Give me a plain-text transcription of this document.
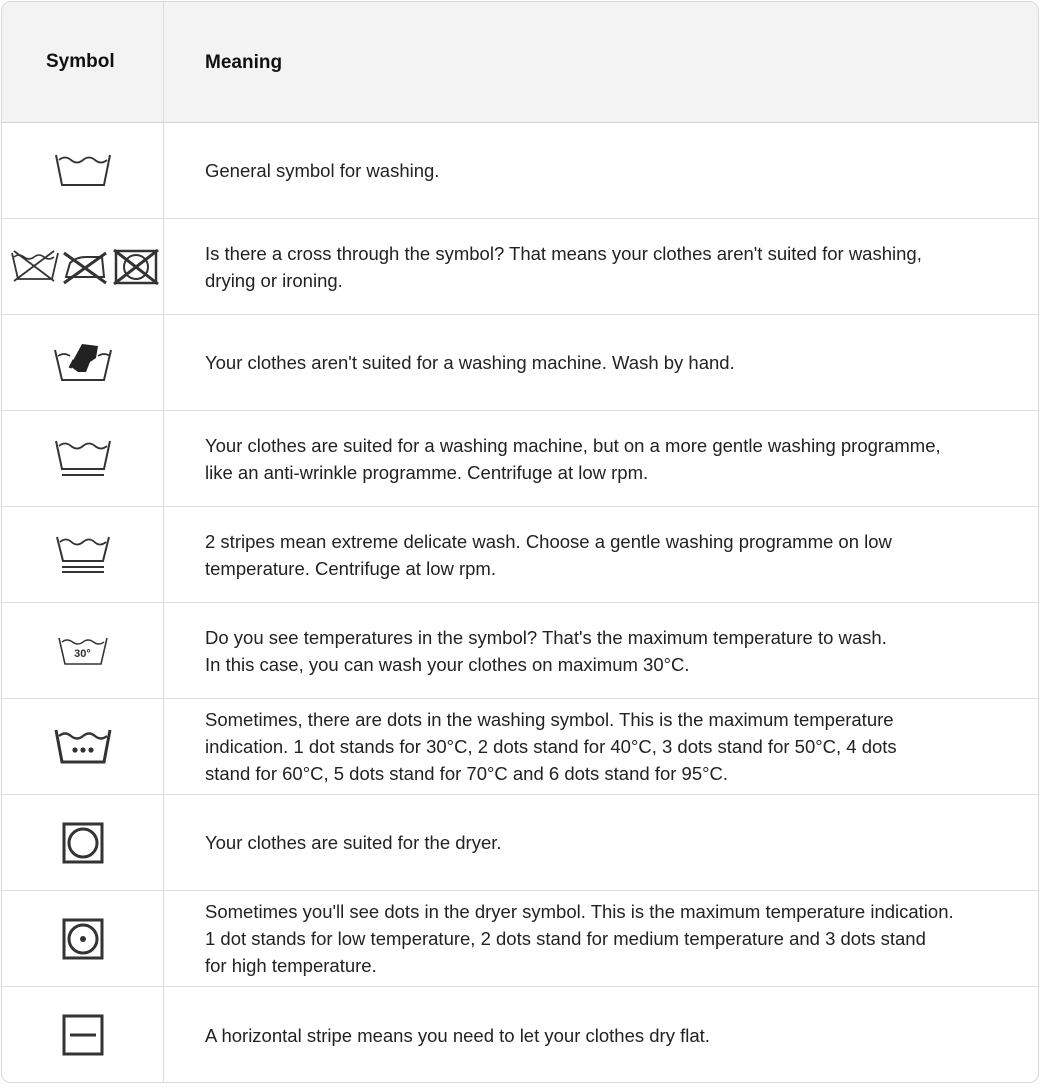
Symbol	Meaning
General symbol for washing.
Is there a cross through the symbol? That means your clothes aren't suited for washing,
drying or ironing.
Your clothes aren't suited for a washing machine. Wash by hand.
Your clothes are suited for a washing machine, but on a more gentle washing programme,
like an anti-wrinkle programme. Centrifuge at low rpm.
2 stripes mean extreme delicate wash. Choose a gentle washing programme on low
temperature. Centrifuge at low rpm.
30°
Do you see temperatures in the symbol? That's the maximum temperature to wash.
In this case, you can wash your clothes on maximum 30°C.
Sometimes, there are dots in the washing symbol. This is the maximum temperature
indication. 1 dot stands for 30°C, 2 dots stand for 40°C, 3 dots stand for 50°C, 4 dots
stand for 60°C, 5 dots stand for 70°C and 6 dots stand for 95°C.
Your clothes are suited for the dryer.
Sometimes you'll see dots in the dryer symbol. This is the maximum temperature indication.
1 dot stands for low temperature, 2 dots stand for medium temperature and 3 dots stand
for high temperature.
A horizontal stripe means you need to let your clothes dry flat.
